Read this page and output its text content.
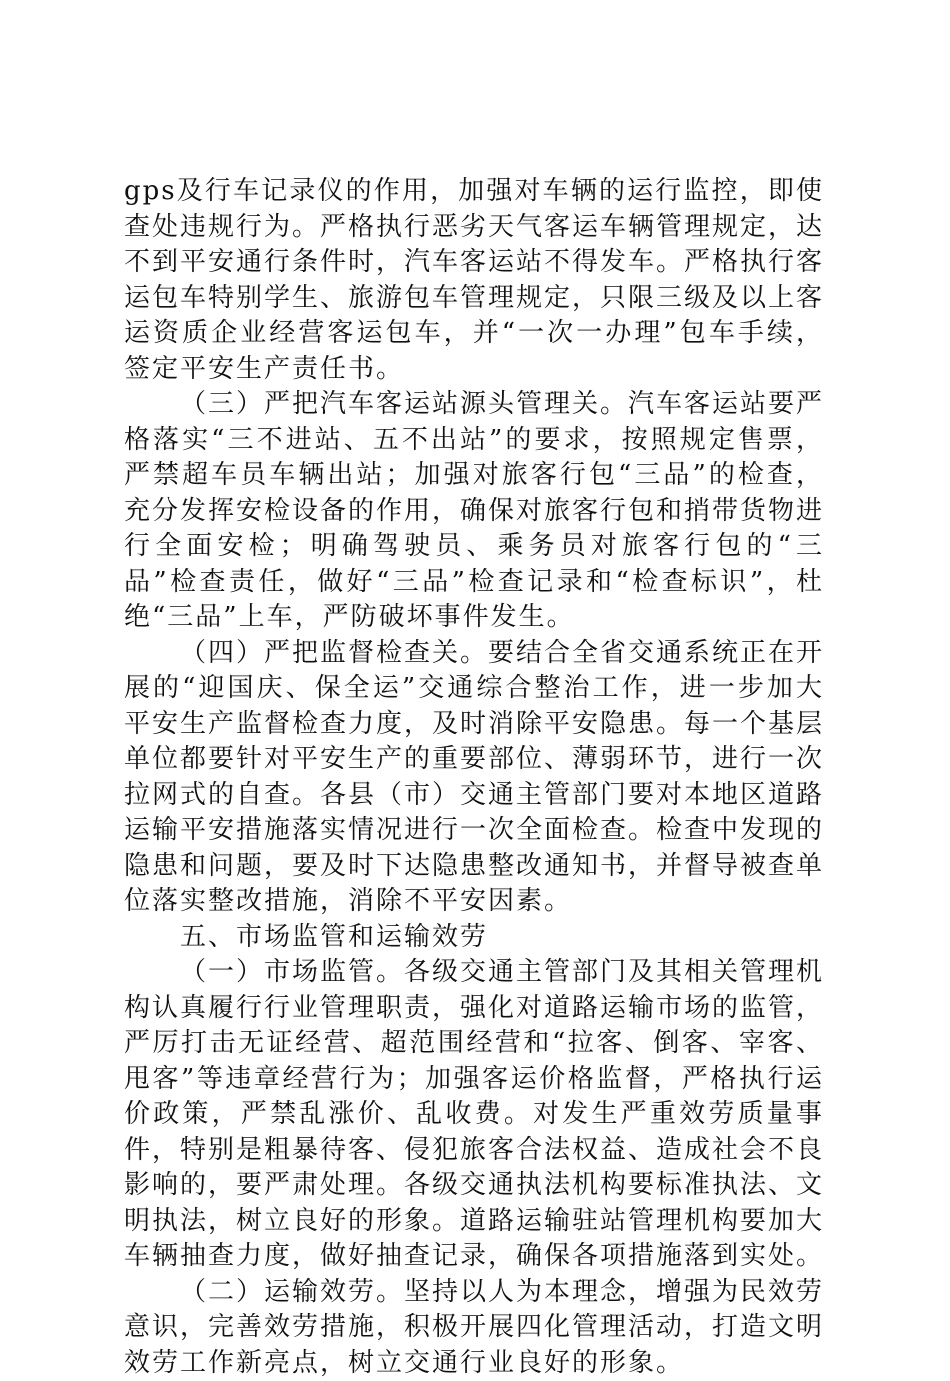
gps及行车记录仪的作用，加强对车辆的运行监控，即使查处违规行为。严格执行恶劣天气客运车辆管理规定，达不到平安通行条件时，汽车客运站不得发车。严格执行客运包车特别学生、旅游包车管理规定，只限三级及以上客运资质企业经营客运包车，并“一次一办理”包车手续，签定平安生产责任书。

（三）严把汽车客运站源头管理关。汽车客运站要严格落实“三不进站、五不出站”的要求，按照规定售票，严禁超车员车辆出站；加强对旅客行包“三品”的检查，充分发挥安检设备的作用，确保对旅客行包和捎带货物进行全面安检；明确驾驶员、乘务员对旅客行包的“三品”检查责任，做好“三品”检查记录和“检查标识”，杜绝“三品”上车，严防破坏事件发生。

（四）严把监督检查关。要结合全省交通系统正在开展的“迎国庆、保全运”交通综合整治工作，进一步加大平安生产监督检查力度，及时消除平安隐患。每一个基层单位都要针对平安生产的重要部位、薄弱环节，进行一次拉网式的自查。各县（市）交通主管部门要对本地区道路运输平安措施落实情况进行一次全面检查。检查中发现的隐患和问题，要及时下达隐患整改通知书，并督导被查单位落实整改措施，消除不平安因素。

五、市场监管和运输效劳

（一）市场监管。各级交通主管部门及其相关管理机构认真履行行业管理职责，强化对道路运输市场的监管，严厉打击无证经营、超范围经营和“拉客、倒客、宰客、甩客”等违章经营行为；加强客运价格监督，严格执行运价政策，严禁乱涨价、乱收费。对发生严重效劳质量事件，特别是粗暴待客、侵犯旅客合法权益、造成社会不良影响的，要严肃处理。各级交通执法机构要标准执法、文明执法，树立良好的形象。道路运输驻站管理机构要加大车辆抽查力度，做好抽查记录，确保各项措施落到实处。

（二）运输效劳。坚持以人为本理念，增强为民效劳意识，完善效劳措施，积极开展四化管理活动，打造文明效劳工作新亮点，树立交通行业良好的形象。
